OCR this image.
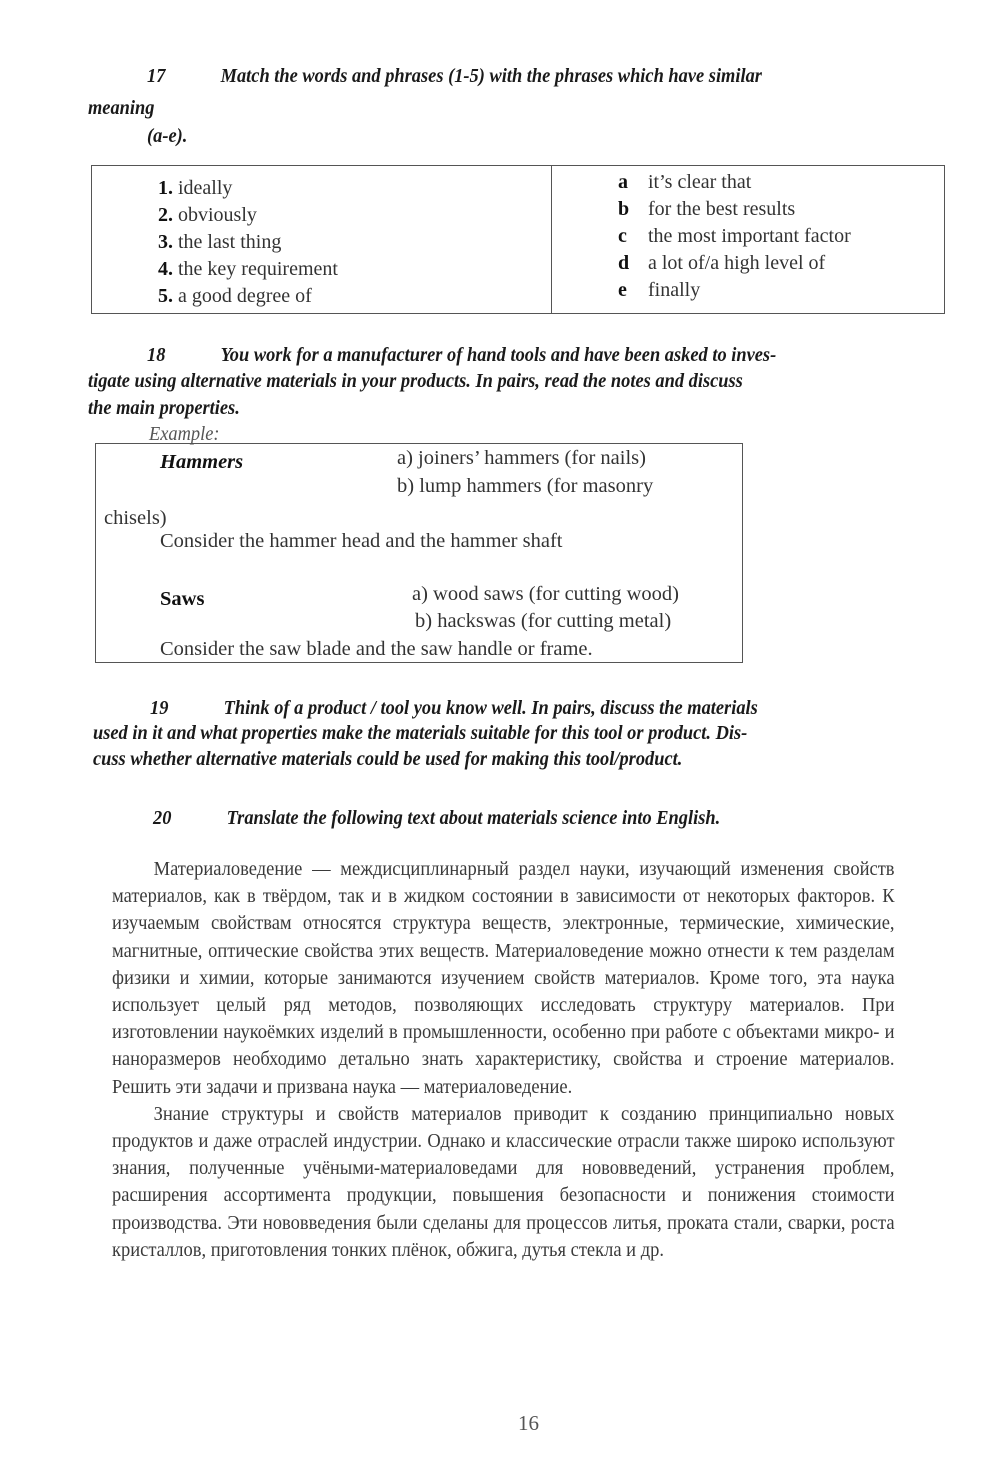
17	Match the words and phrases (1-5) with the phrases which have similar
meaning
(a-e).
1. ideally
2. obviously
3. the last thing
4. the key requirement
5. a good degree of
a it’s clear that
b for the best results
c the most important factor
d a lot of/a high level of
e finally
18	You work for a manufacturer of hand tools and have been asked to inves-
tigate using alternative materials in your products. In pairs, read the notes and discuss
the main properties.
Example:
Hammers	a) joiners’ hammers (for nails)
b) lump hammers (for masonry
chisels)
Consider the hammer head and the hammer shaft
Saws	a) wood saws (for cutting wood)
b) hackswas (for cutting metal)
Consider the saw blade and the saw handle or frame.
19	Think of a product / tool you know well. In pairs, discuss the materials
used in it and what properties make the materials suitable for this tool or product. Dis-
cuss whether alternative materials could be used for making this tool/product.
20	Translate the following text about materials science into English.

Материаловедение — междисциплинарный раздел науки, изучающий изменения свойств материалов, как в твёрдом, так и в жидком состоянии в зависимости от некоторых факторов. К изучаемым свойствам относятся структура веществ, электронные, термические, химические, магнитные, оптические свойства этих веществ. Материаловедение можно отнести к тем разделам физики и химии, которые занимаются изучением свойств материалов. Кроме того, эта наука использует целый ряд методов, позволяющих исследовать структуру материалов. При изготовлении наукоёмких изделий в промышленности, особенно при работе с объектами микро- и наноразмеров необходимо детально знать характеристику, свойства и строение материалов. Решить эти задачи и призвана наука — материаловедение.

Знание структуры и свойств материалов приводит к созданию принципиально новых продуктов и даже отраслей индустрии. Однако и классические отрасли также широко используют знания, полученные учёными-материаловедами для нововведений, устранения проблем, расширения ассортимента продукции, повышения безопасности и понижения стоимости производства. Эти нововведения были сделаны для процессов литья, проката стали, сварки, роста кристаллов, приготовления тонких плёнок, обжига, дутья стекла и др.

16
